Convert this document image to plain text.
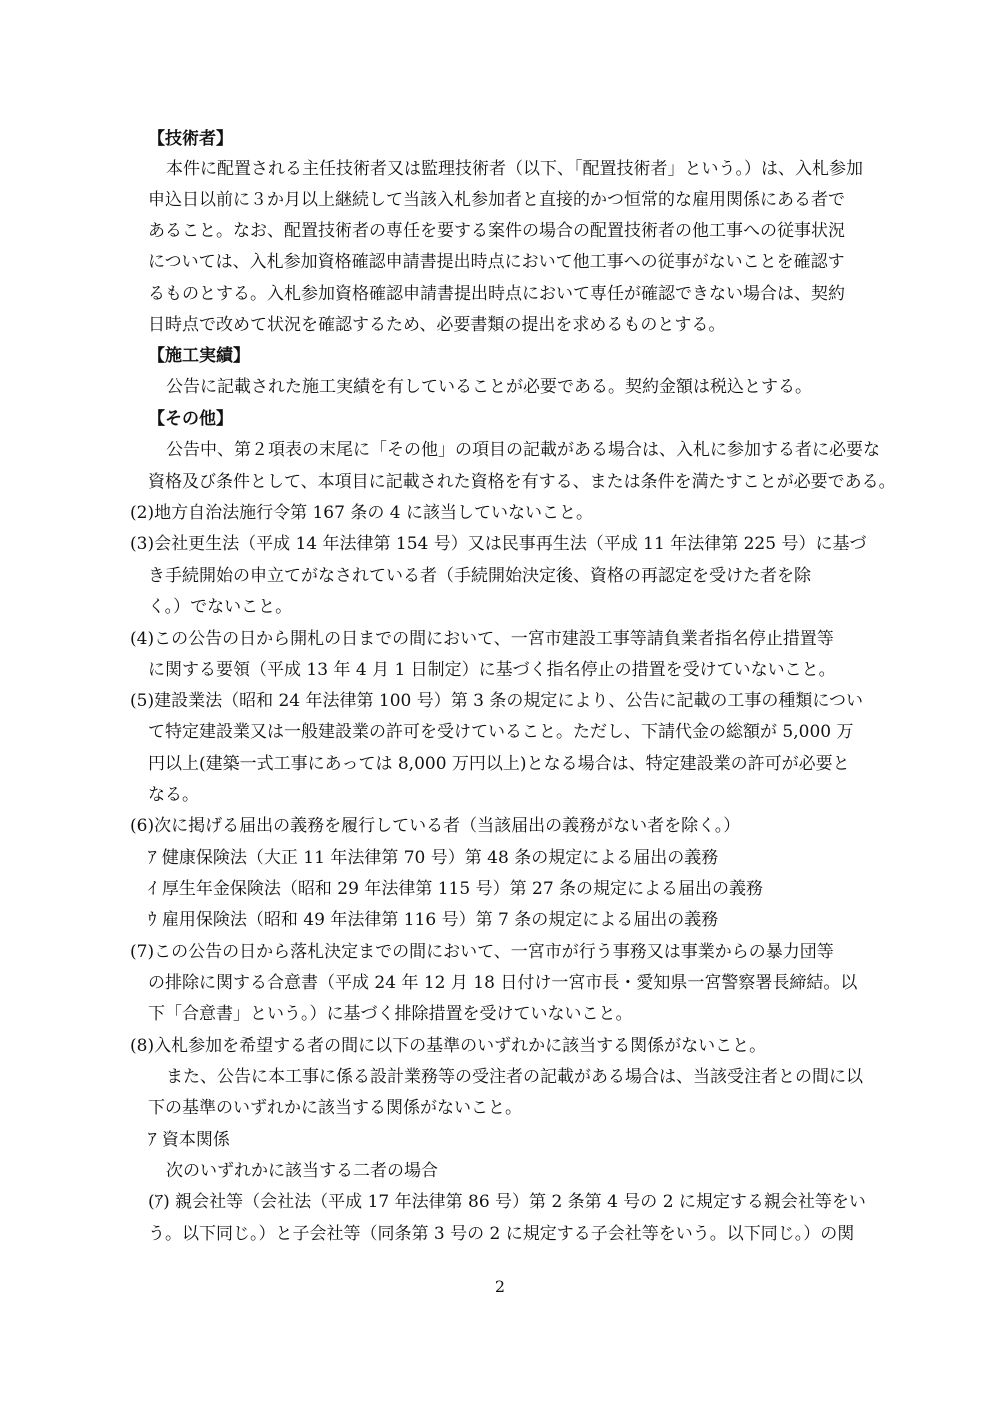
【技術者】
本件に配置される主任技術者又は監理技術者（以下、「配置技術者」という。）は、入札参加
申込日以前に３か月以上継続して当該入札参加者と直接的かつ恒常的な雇用関係にある者で
あること。なお、配置技術者の専任を要する案件の場合の配置技術者の他工事への従事状況
については、入札参加資格確認申請書提出時点において他工事への従事がないことを確認す
るものとする。入札参加資格確認申請書提出時点において専任が確認できない場合は、契約
日時点で改めて状況を確認するため、必要書類の提出を求めるものとする。
【施工実績】
公告に記載された施工実績を有していることが必要である。契約金額は税込とする。
【その他】
公告中、第２項表の末尾に「その他」の項目の記載がある場合は、入札に参加する者に必要な
資格及び条件として、本項目に記載された資格を有する、または条件を満たすことが必要である。
(2)地方自治法施行令第 167 条の 4 に該当していないこと。
(3)会社更生法（平成 14 年法律第 154 号）又は民事再生法（平成 11 年法律第 225 号）に基づ
き手続開始の申立てがなされている者（手続開始決定後、資格の再認定を受けた者を除
く。）でないこと。
(4)この公告の日から開札の日までの間において、一宮市建設工事等請負業者指名停止措置等
に関する要領（平成 13 年 4 月 1 日制定）に基づく指名停止の措置を受けていないこと。
(5)建設業法（昭和 24 年法律第 100 号）第 3 条の規定により、公告に記載の工事の種類につい
て特定建設業又は一般建設業の許可を受けていること。ただし、下請代金の総額が 5,000 万
円以上(建築一式工事にあっては 8,000 万円以上)となる場合は、特定建設業の許可が必要と
なる。
(6)次に掲げる届出の義務を履行している者（当該届出の義務がない者を除く。）
ｱ 健康保険法（大正 11 年法律第 70 号）第 48 条の規定による届出の義務
ｲ 厚生年金保険法（昭和 29 年法律第 115 号）第 27 条の規定による届出の義務
ｳ 雇用保険法（昭和 49 年法律第 116 号）第 7 条の規定による届出の義務
(7)この公告の日から落札決定までの間において、一宮市が行う事務又は事業からの暴力団等
の排除に関する合意書（平成 24 年 12 月 18 日付け一宮市長・愛知県一宮警察署長締結。以
下「合意書」という。）に基づく排除措置を受けていないこと。
(8)入札参加を希望する者の間に以下の基準のいずれかに該当する関係がないこと。
また、公告に本工事に係る設計業務等の受注者の記載がある場合は、当該受注者との間に以
下の基準のいずれかに該当する関係がないこと。
ｱ 資本関係
次のいずれかに該当する二者の場合
(ｱ) 親会社等（会社法（平成 17 年法律第 86 号）第 2 条第 4 号の 2 に規定する親会社等をい
う。以下同じ。）と子会社等（同条第 3 号の 2 に規定する子会社等をいう。以下同じ。）の関
2
